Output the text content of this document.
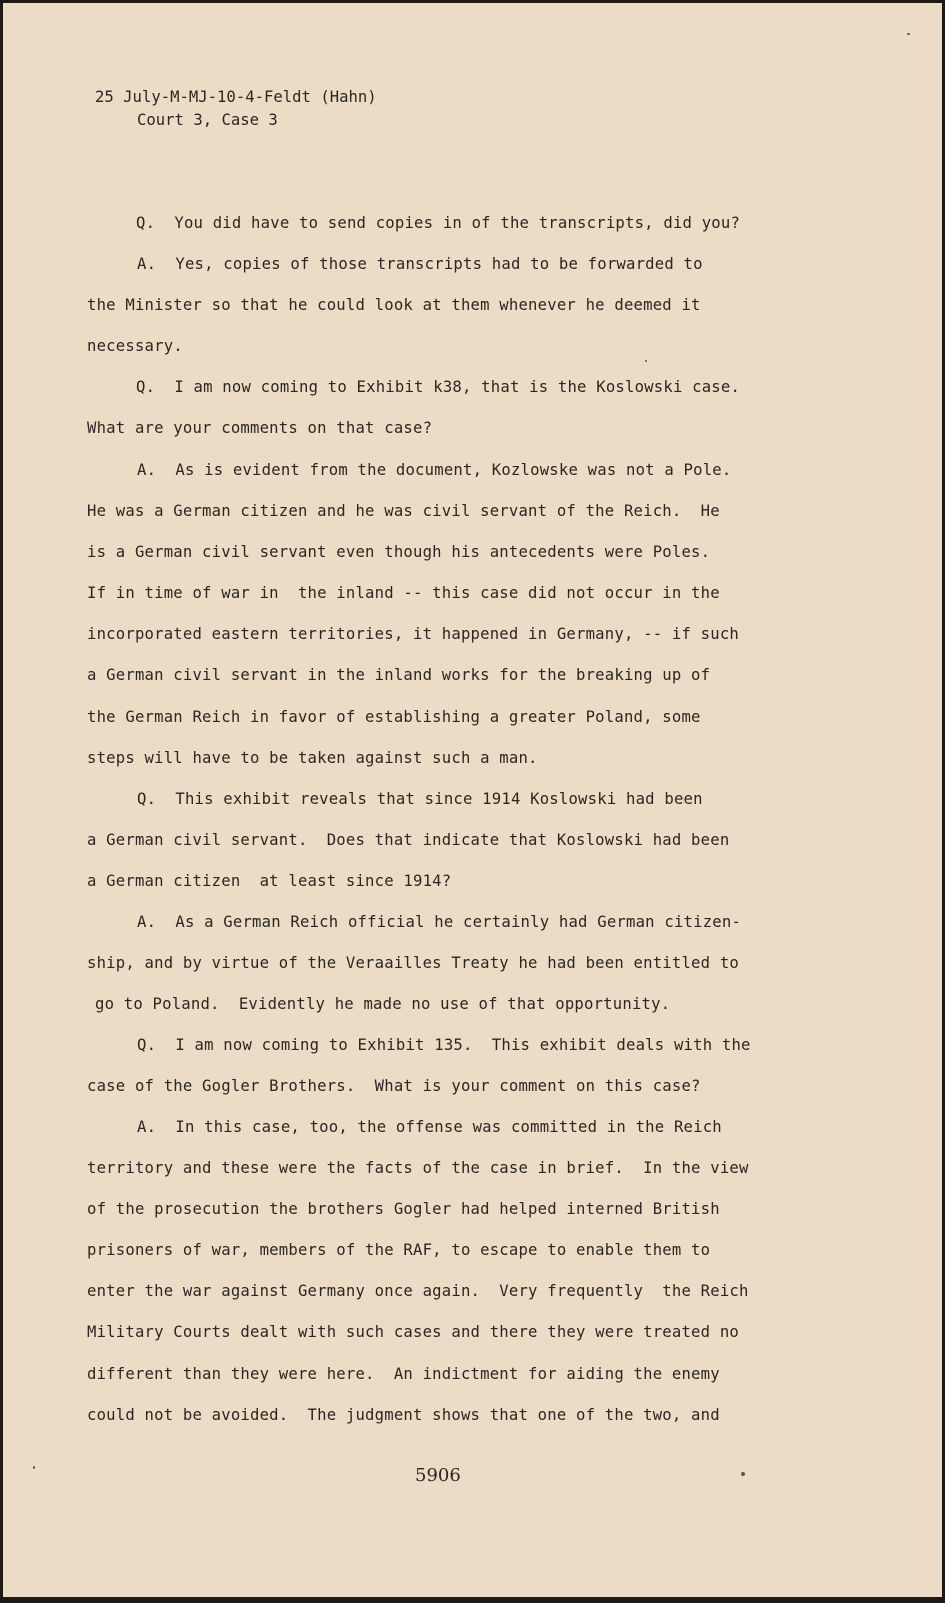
25 July-M-MJ-10-4-Feldt (Hahn)
Court 3, Case 3
Q.  You did have to send copies in of the transcripts, did you?
A.  Yes, copies of those transcripts had to be forwarded to
the Minister so that he could look at them whenever he deemed it
necessary.
Q.  I am now coming to Exhibit k38, that is the Koslowski case.
What are your comments on that case?
A.  As is evident from the document, Kozlowske was not a Pole.
He was a German citizen and he was civil servant of the Reich.  He
is a German civil servant even though his antecedents were Poles.
If in time of war in  the inland -- this case did not occur in the
incorporated eastern territories, it happened in Germany, -- if such
a German civil servant in the inland works for the breaking up of
the German Reich in favor of establishing a greater Poland, some
steps will have to be taken against such a man.
Q.  This exhibit reveals that since 1914 Koslowski had been
a German civil servant.  Does that indicate that Koslowski had been
a German citizen  at least since 1914?
A.  As a German Reich official he certainly had German citizen-
ship, and by virtue of the Veraailles Treaty he had been entitled to
go to Poland.  Evidently he made no use of that opportunity.
Q.  I am now coming to Exhibit 135.  This exhibit deals with the
case of the Gogler Brothers.  What is your comment on this case?
A.  In this case, too, the offense was committed in the Reich
territory and these were the facts of the case in brief.  In the view
of the prosecution the brothers Gogler had helped interned British
prisoners of war, members of the RAF, to escape to enable them to
enter the war against Germany once again.  Very frequently  the Reich
Military Courts dealt with such cases and there they were treated no
different than they were here.  An indictment for aiding the enemy
could not be avoided.  The judgment shows that one of the two, and
5906
